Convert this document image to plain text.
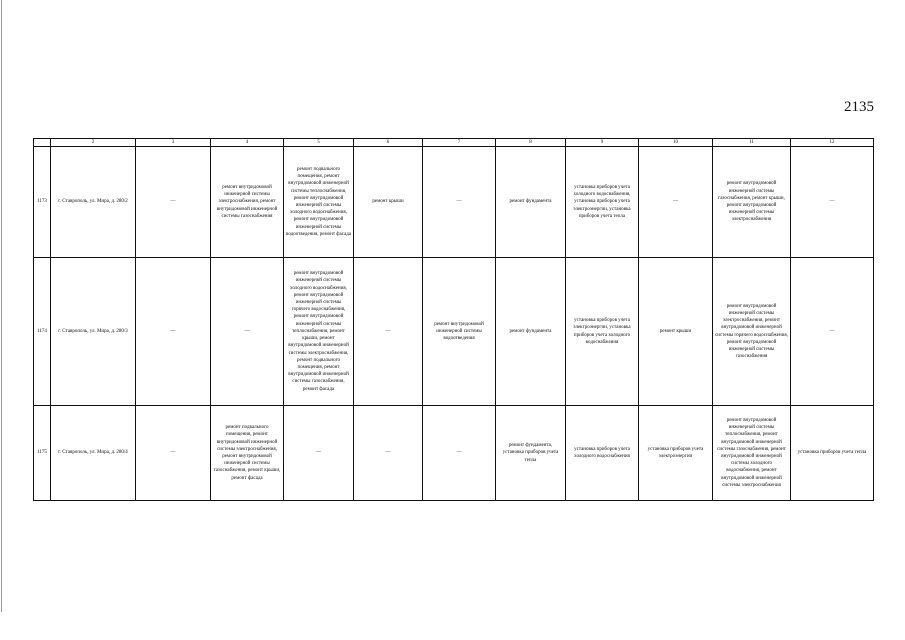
2135
	2	3	4	5	6	7	8	9	10	11	12
1173	г. Ставрополь, ул. Мира, д. 280/2	—	ремонт внутридомовой инженерной системы электроснабжения, ремонт внутридомовой инженерной системы газоснабжения	ремонт подвального помещения, ремонт внутридомовой инженерной системы теплоснабжения, ремонт внутридомовой инженерной системы холодного водоснабжения, ремонт внутридомовой инженерной системы водоотведения, ремонт фасада	ремонт крыши	—	ремонт фундамента	установка приборов учета холодного водоснабжения, установка приборов учета электроэнергии, установка приборов учета тепла	—	ремонт внутридомовой инженерной системы газоснабжения, ремонт крыши, ремонт внутридомовой инженерной системы электроснабжения	—
1174	г. Ставрополь, ул. Мира, д. 280/3	—	—	ремонт внутридомовой инженерной системы холодного водоснабжения, ремонт внутридомовой инженерной системы горячего водоснабжения, ремонт внутридомовой инженерной системы теплоснабжения, ремонт крыши, ремонт внутридомовой инженерной системы электроснабжения, ремонт подвального помещения, ремонт внутридомовой инженерной системы газоснабжения, ремонт фасада	—	ремонт внутридомовой инженерной системы водоотведения	ремонт фундамента	установка приборов учета электроэнергии, установка приборов учета холодного водоснабжения	ремонт крыши	ремонт внутридомовой инженерной системы электроснабжения, ремонт внутридомовой инженерной системы горячего водоснабжения, ремонт внутридомовой инженерной системы газоснабжения	—
1175	г. Ставрополь, ул. Мира, д. 280/4	—	ремонт подвального помещения, ремонт внутридомовой инженерной системы электроснабжения, ремонт внутридомовой инженерной системы газоснабжения, ремонт крыши, ремонт фасада	—	—	—	ремонт фундамента, установка приборов учета тепла	установка приборов учета холодного водоснабжения	установка приборов учета электроэнергии	ремонт внутридомовой инженерной системы теплоснабжения, ремонт внутридомовой инженерной системы газоснабжения, ремонт внутридомовой инженерной системы холодного водоснабжения, ремонт внутридомовой инженерной системы электроснабжения	установка приборов учета тепла
